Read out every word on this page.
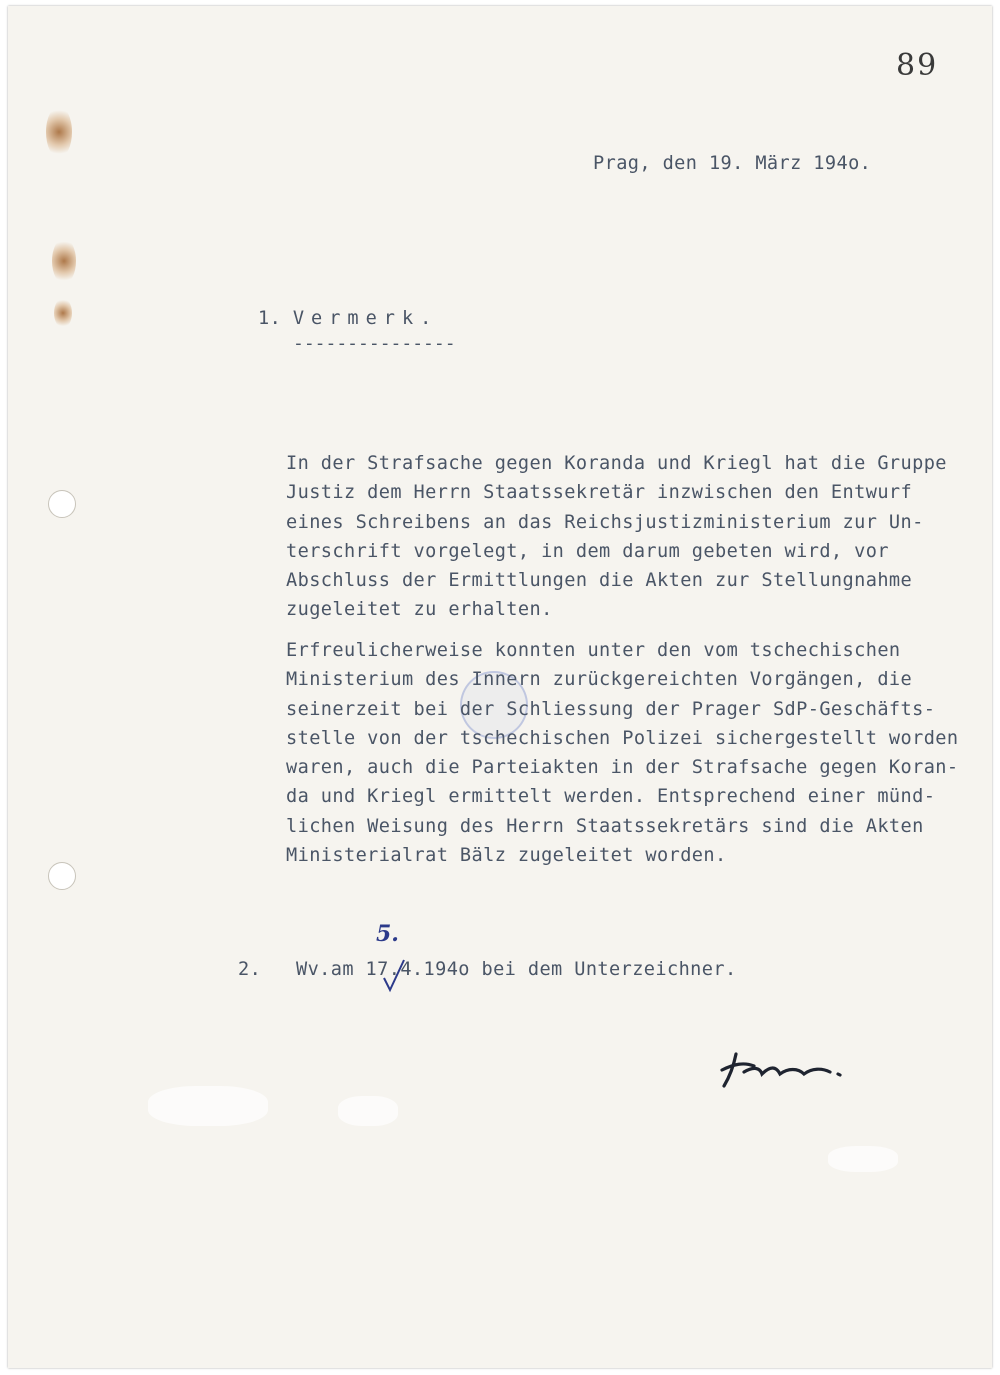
89
Prag, den 19. März 194o.
1. Vermerk.
---------------
In der Strafsache gegen Koranda und Kriegl hat die Gruppe
Justiz dem Herrn Staatssekretär inzwischen den Entwurf
eines Schreibens an das Reichsjustizministerium zur Un-
terschrift vorgelegt, in dem darum gebeten wird, vor
Abschluss der Ermittlungen die Akten zur Stellungnahme
zugeleitet zu erhalten.
Erfreulicherweise konnten unter den vom tschechischen
Ministerium des Innern zurückgereichten Vorgängen, die
seinerzeit bei der Schliessung der Prager SdP-Geschäfts-
stelle von der tschechischen Polizei sichergestellt worden
waren, auch die Parteiakten in der Strafsache gegen Koran-
da und Kriegl ermittelt werden. Entsprechend einer münd-
lichen Weisung des Herrn Staatssekretärs sind die Akten
Ministerialrat Bälz zugeleitet worden.
5.
2.   Wv.am 17.4.194o bei dem Unterzeichner.
